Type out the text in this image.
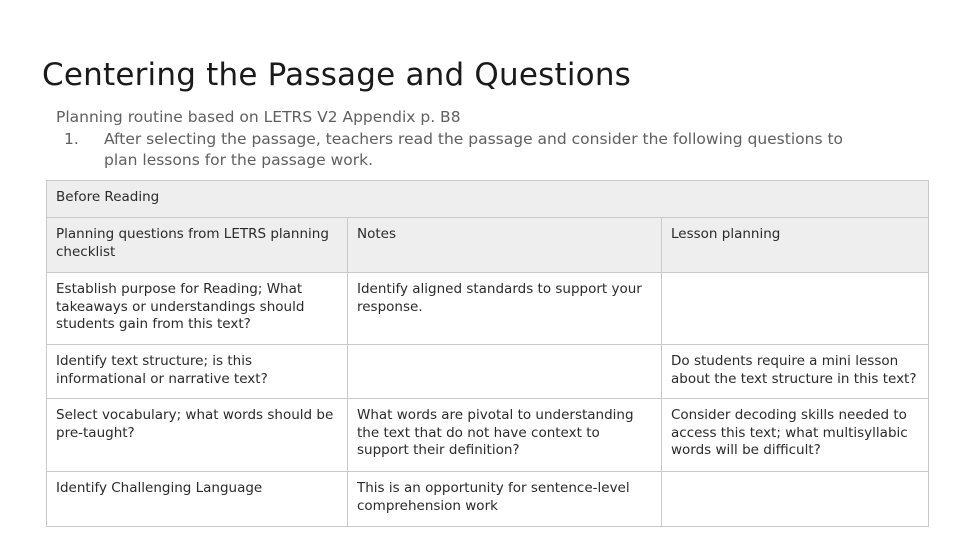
Centering the Passage and Questions
Planning routine based on LETRS V2 Appendix p. B8
1. After selecting the passage, teachers read the passage and consider the following questions to plan lessons for the passage work.
Before Reading		
Planning questions from LETRS planning checklist	Notes	Lesson planning
Establish purpose for Reading; What takeaways or understandings should students gain from this text?	Identify aligned standards to support your response.	
Identify text structure; is this informational or narrative text?		Do students require a mini lesson about the text structure in this text?
Select vocabulary; what words should be pre-taught?	What words are pivotal to understanding the text that do not have context to support their definition?	Consider decoding skills needed to access this text; what multisyllabic words will be difficult?
Identify Challenging Language	This is an opportunity for sentence-level comprehension work	
